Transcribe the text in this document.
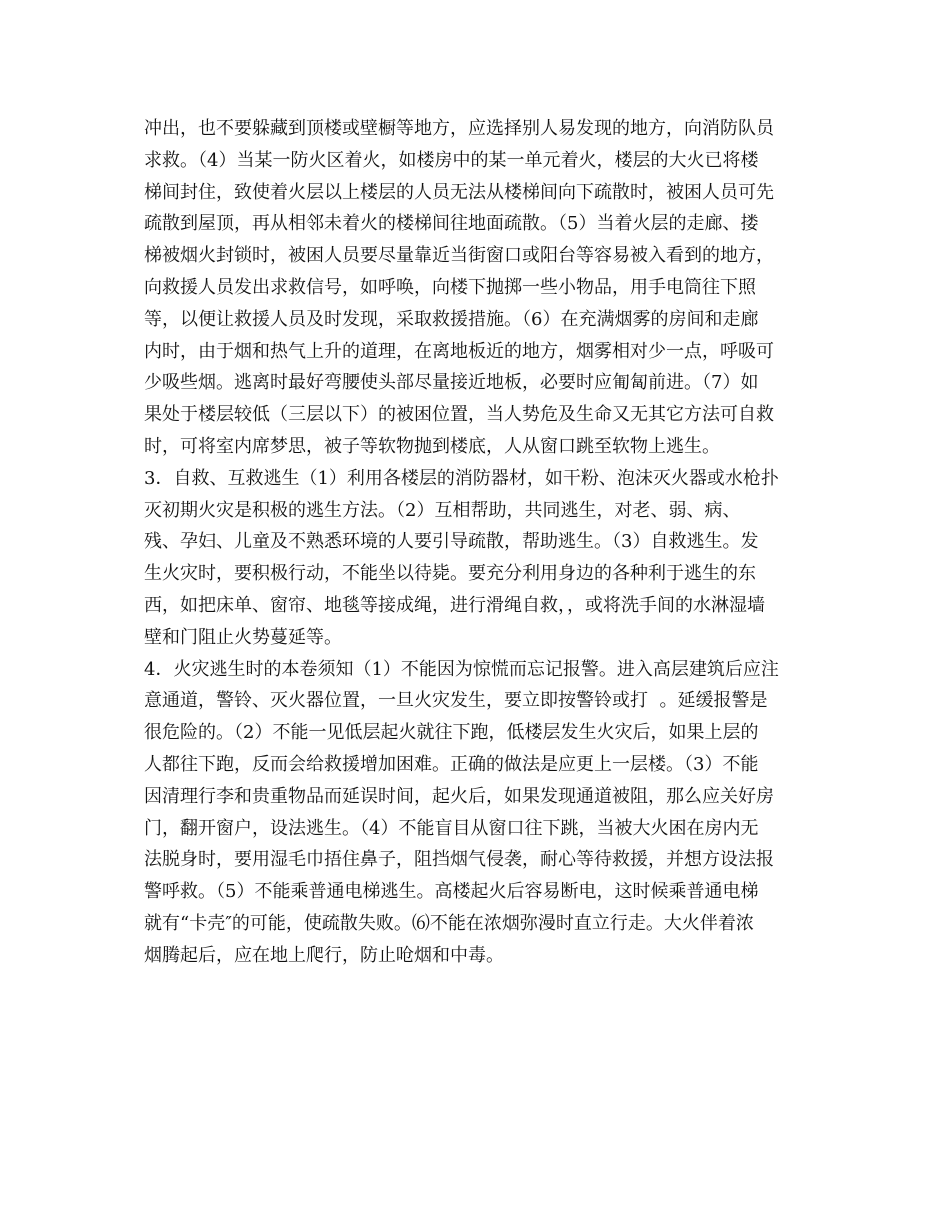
冲出，也不要躲藏到顶楼或壁橱等地方，应选择别人易发现的地方，向消防队员
求救。（4）当某一防火区着火，如楼房中的某一单元着火，楼层的大火已将楼
梯间封住，致使着火层以上楼层的人员无法从楼梯间向下疏散时，被困人员可先
疏散到屋顶，再从相邻未着火的楼梯间往地面疏散。（5）当着火层的走廊、搂
梯被烟火封锁时，被困人员要尽量靠近当街窗口或阳台等容易被入看到的地方，
向救援人员发出求救信号，如呼唤，向楼下抛掷一些小物品，用手电筒往下照
等，以便让救援人员及时发现，采取救援措施。（6）在充满烟雾的房间和走廊
内时，由于烟和热气上升的道理，在离地板近的地方，烟雾相对少一点，呼吸可
少吸些烟。逃离时最好弯腰使头部尽量接近地板，必要时应匍匐前进。（7）如
果处于楼层较低（三层以下）的被困位置，当人势危及生命又无其它方法可自救
时，可将室内席梦思，被子等软物抛到楼底，人从窗口跳至软物上逃生。
3．自救、互救逃生（1）利用各楼层的消防器材，如干粉、泡沫灭火器或水枪扑
灭初期火灾是积极的逃生方法。（2）互相帮助，共同逃生，对老、弱、病、
残、孕妇、儿童及不熟悉环境的人要引导疏散，帮助逃生。（3）自救逃生。发
生火灾时，要积极行动，不能坐以待毙。要充分利用身边的各种利于逃生的东
西，如把床单、窗帘、地毯等接成绳，进行滑绳自救，，或将洗手间的水淋湿墙
壁和门阻止火势蔓延等。
4．火灾逃生时的本卷须知（1）不能因为惊慌而忘记报警。进入高层建筑后应注
意通道，警铃、灭火器位置，一旦火灾发生，要立即按警铃或打  。延缓报警是
很危险的。（2）不能一见低层起火就往下跑，低楼层发生火灾后，如果上层的
人都往下跑，反而会给救援增加困难。正确的做法是应更上一层楼。（3）不能
因清理行李和贵重物品而延误时间，起火后，如果发现通道被阻，那么应关好房
门，翻开窗户，设法逃生。（4）不能盲目从窗口往下跳，当被大火困在房内无
法脱身时，要用湿毛巾捂住鼻子，阻挡烟气侵袭，耐心等待救援，并想方设法报
警呼救。（5）不能乘普通电梯逃生。高楼起火后容易断电，这时候乘普通电梯
就有“卡壳″的可能，使疏散失败。⑹不能在浓烟弥漫时直立行走。大火伴着浓
烟腾起后，应在地上爬行，防止呛烟和中毒。
